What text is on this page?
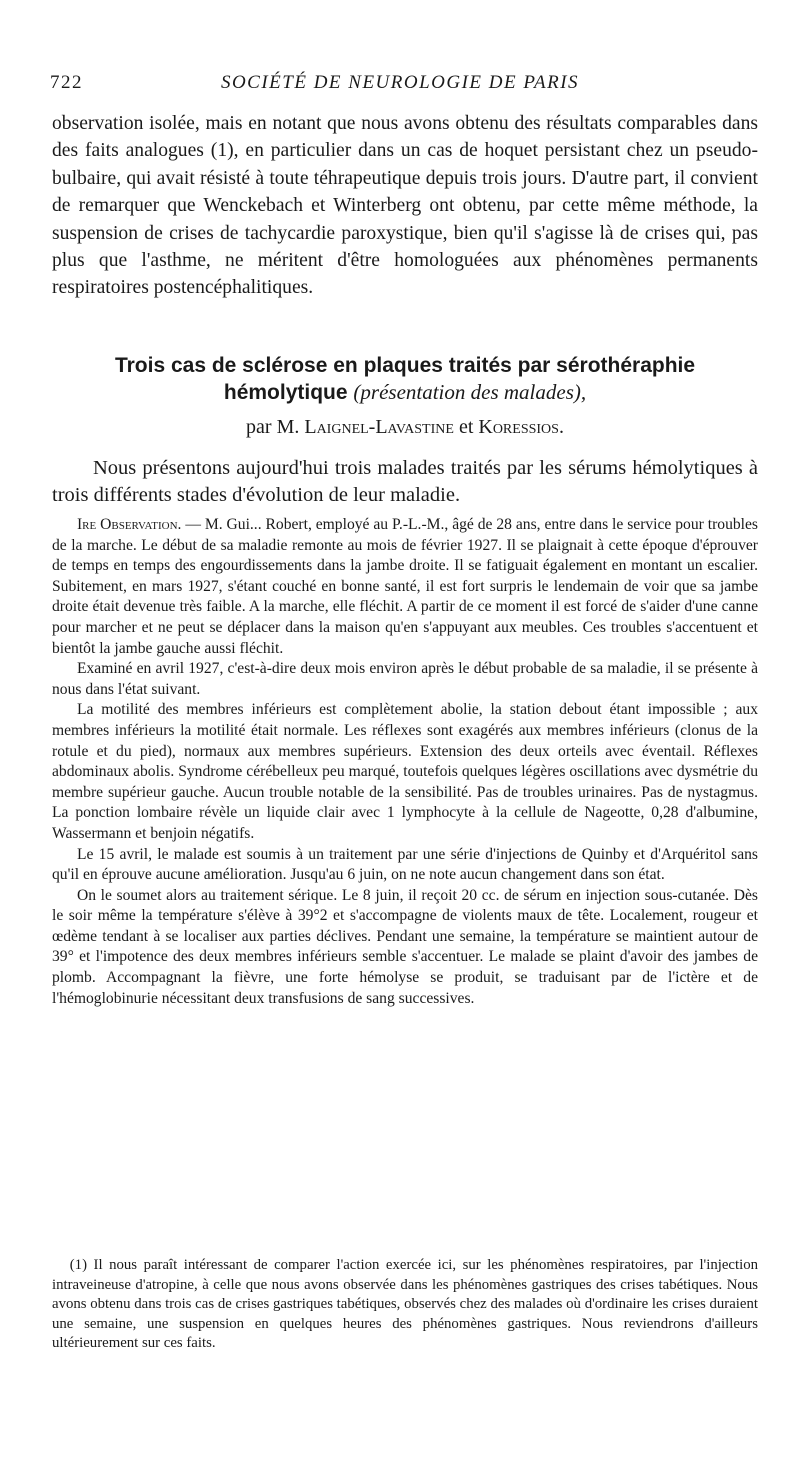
722	SOCIÉTÉ DE NEUROLOGIE DE PARIS
observation isolée, mais en notant que nous avons obtenu des résultats comparables dans des faits analogues (1), en particulier dans un cas de hoquet persistant chez un pseudo-bulbaire, qui avait résisté à toute téhrapeutique depuis trois jours. D'autre part, il convient de remarquer que Wenckebach et Winterberg ont obtenu, par cette même méthode, la suspension de crises de tachycardie paroxystique, bien qu'il s'agisse là de crises qui, pas plus que l'asthme, ne méritent d'être homologuées aux phénomènes permanents respiratoires postencéphalitiques.
Trois cas de sclérose en plaques traités par sérothéraphie hémolytique (présentation des malades),
par M. Laignel-Lavastine et Koressios.
Nous présentons aujourd'hui trois malades traités par les sérums hémolytiques à trois différents stades d'évolution de leur maladie.

Ire Observation. — M. Gui... Robert, employé au P.-L.-M., âgé de 28 ans, entre dans le service pour troubles de la marche. Le début de sa maladie remonte au mois de février 1927. Il se plaignait à cette époque d'éprouver de temps en temps des engourdissements dans la jambe droite. Il se fatiguait également en montant un escalier. Subitement, en mars 1927, s'étant couché en bonne santé, il est fort surpris le lendemain de voir que sa jambe droite était devenue très faible. A la marche, elle fléchit. A partir de ce moment il est forcé de s'aider d'une canne pour marcher et ne peut se déplacer dans la maison qu'en s'appuyant aux meubles. Ces troubles s'accentuent et bientôt la jambe gauche aussi fléchit.

Examiné en avril 1927, c'est-à-dire deux mois environ après le début probable de sa maladie, il se présente à nous dans l'état suivant.

La motilité des membres inférieurs est complètement abolie, la station debout étant impossible ; aux membres inférieurs la motilité était normale. Les réflexes sont exagérés aux membres inférieurs (clonus de la rotule et du pied), normaux aux membres supérieurs. Extension des deux orteils avec éventail. Réflexes abdominaux abolis. Syndrome cérébelleux peu marqué, toutefois quelques légères oscillations avec dysmétrie du membre supérieur gauche. Aucun trouble notable de la sensibilité. Pas de troubles urinaires. Pas de nystagmus. La ponction lombaire révèle un liquide clair avec 1 lymphocyte à la cellule de Nageotte, 0,28 d'albumine, Wassermann et benjoin négatifs.

Le 15 avril, le malade est soumis à un traitement par une série d'injections de Quinby et d'Arquéritol sans qu'il en éprouve aucune amélioration. Jusqu'au 6 juin, on ne note aucun changement dans son état.

On le soumet alors au traitement sérique. Le 8 juin, il reçoit 20 cc. de sérum en injection sous-cutanée. Dès le soir même la température s'élève à 39°2 et s'accompagne de violents maux de tête. Localement, rougeur et œdème tendant à se localiser aux parties déclives. Pendant une semaine, la température se maintient autour de 39° et l'impotence des deux membres inférieurs semble s'accentuer. Le malade se plaint d'avoir des jambes de plomb. Accompagnant la fièvre, une forte hémolyse se produit, se traduisant par de l'ictère et de l'hémoglobinurie nécessitant deux transfusions de sang successives.

(1) Il nous paraît intéressant de comparer l'action exercée ici, sur les phénomènes respiratoires, par l'injection intraveineuse d'atropine, à celle que nous avons observée dans les phénomènes gastriques des crises tabétiques. Nous avons obtenu dans trois cas de crises gastriques tabétiques, observés chez des malades où d'ordinaire les crises duraient une semaine, une suspension en quelques heures des phénomènes gastriques. Nous reviendrons d'ailleurs ultérieurement sur ces faits.
